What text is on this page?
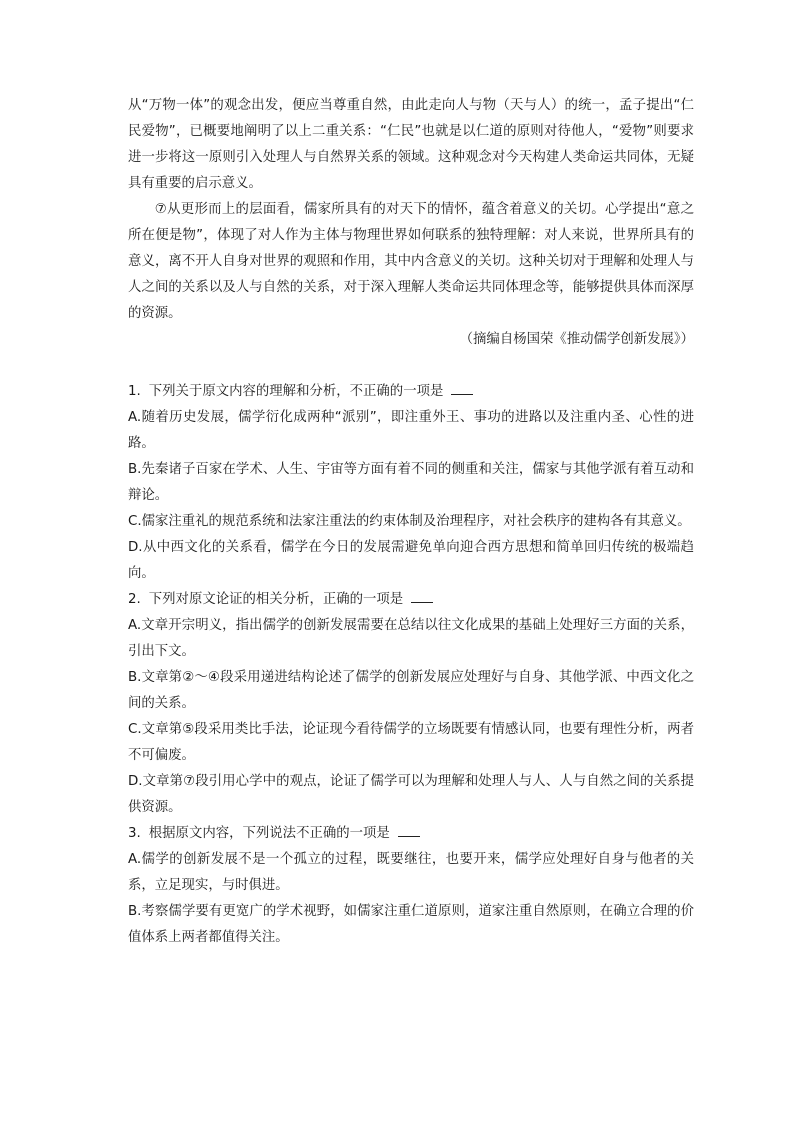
从“万物一体”的观念出发，便应当尊重自然，由此走向人与物（天与人）的统一，孟子提出“仁民爱物”，已概要地阐明了以上二重关系：“仁民”也就是以仁道的原则对待他人，“爱物”则要求进一步将这一原则引入处理人与自然界关系的领域。这种观念对今天构建人类命运共同体，无疑具有重要的启示意义。

⑦从更形而上的层面看，儒家所具有的对天下的情怀，蕴含着意义的关切。心学提出“意之所在便是物”，体现了对人作为主体与物理世界如何联系的独特理解：对人来说，世界所具有的意义，离不开人自身对世界的观照和作用，其中内含意义的关切。这种关切对于理解和处理人与人之间的关系以及人与自然的关系，对于深入理解人类命运共同体理念等，能够提供具体而深厚的资源。

（摘编自杨国荣《推动儒学创新发展》）

1. 下列关于原文内容的理解和分析，不正确的一项是

A.随着历史发展，儒学衍化成两种“派别”，即注重外王、事功的进路以及注重内圣、心性的进路。

B.先秦诸子百家在学术、人生、宇宙等方面有着不同的侧重和关注，儒家与其他学派有着互动和辩论。

C.儒家注重礼的规范系统和法家注重法的约束体制及治理程序，对社会秩序的建构各有其意义。

D.从中西文化的关系看，儒学在今日的发展需避免单向迎合西方思想和简单回归传统的极端趋向。

2. 下列对原文论证的相关分析，正确的一项是

A.文章开宗明义，指出儒学的创新发展需要在总结以往文化成果的基础上处理好三方面的关系，引出下文。

B.文章第②～④段采用递进结构论述了儒学的创新发展应处理好与自身、其他学派、中西文化之间的关系。

C.文章第⑤段采用类比手法，论证现今看待儒学的立场既要有情感认同，也要有理性分析，两者不可偏废。

D.文章第⑦段引用心学中的观点，论证了儒学可以为理解和处理人与人、人与自然之间的关系提供资源。

3. 根据原文内容，下列说法不正确的一项是

A.儒学的创新发展不是一个孤立的过程，既要继往，也要开来，儒学应处理好自身与他者的关系，立足现实，与时俱进。

B.考察儒学要有更宽广的学术视野，如儒家注重仁道原则，道家注重自然原则，在确立合理的价值体系上两者都值得关注。
